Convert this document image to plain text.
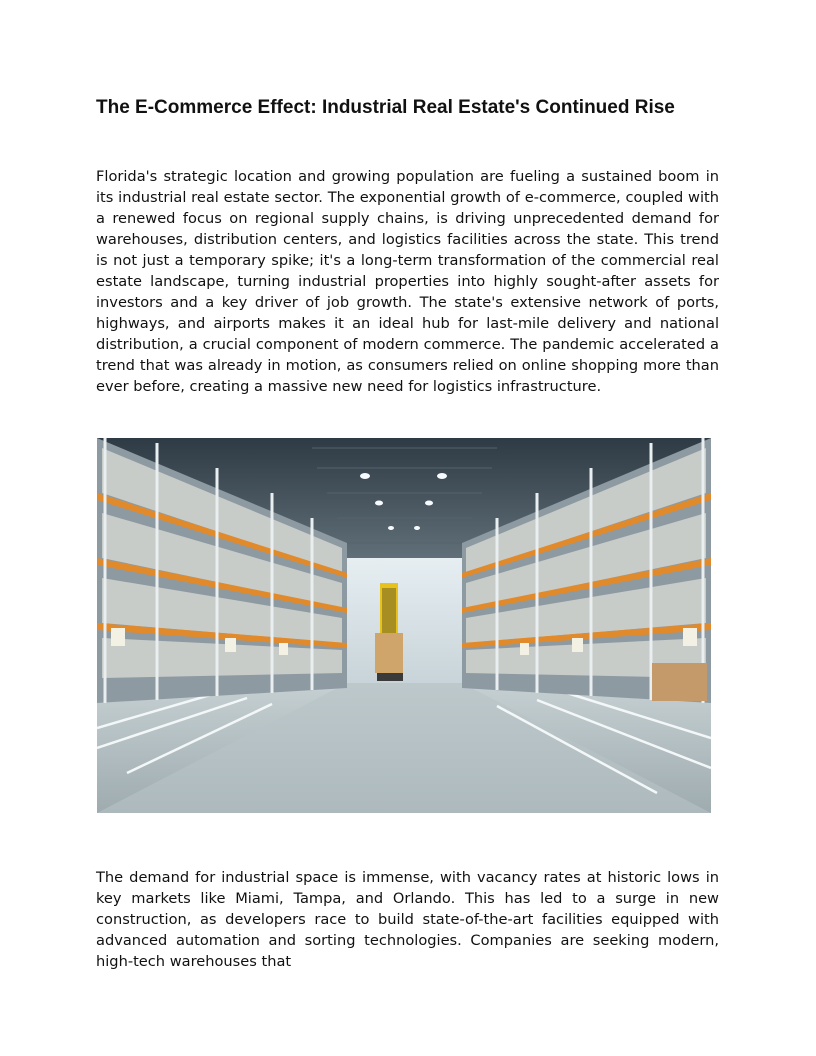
The E-Commerce Effect: Industrial Real Estate's Continued Rise

Florida's strategic location and growing population are fueling a sustained boom in its industrial real estate sector. The exponential growth of e-commerce, coupled with a renewed focus on regional supply chains, is driving unprecedented demand for warehouses, distribution centers, and logistics facilities across the state. This trend is not just a temporary spike; it's a long-term transformation of the commercial real estate landscape, turning industrial properties into highly sought-after assets for investors and a key driver of job growth. The state's extensive network of ports, highways, and airports makes it an ideal hub for last-mile delivery and national distribution, a crucial component of modern commerce. The pandemic accelerated a trend that was already in motion, as consumers relied on online shopping more than ever before, creating a massive new need for logistics infrastructure.

The demand for industrial space is immense, with vacancy rates at historic lows in key markets like Miami, Tampa, and Orlando. This has led to a surge in new construction, as developers race to build state-of-the-art facilities equipped with advanced automation and sorting technologies. Companies are seeking modern, high-tech warehouses that
